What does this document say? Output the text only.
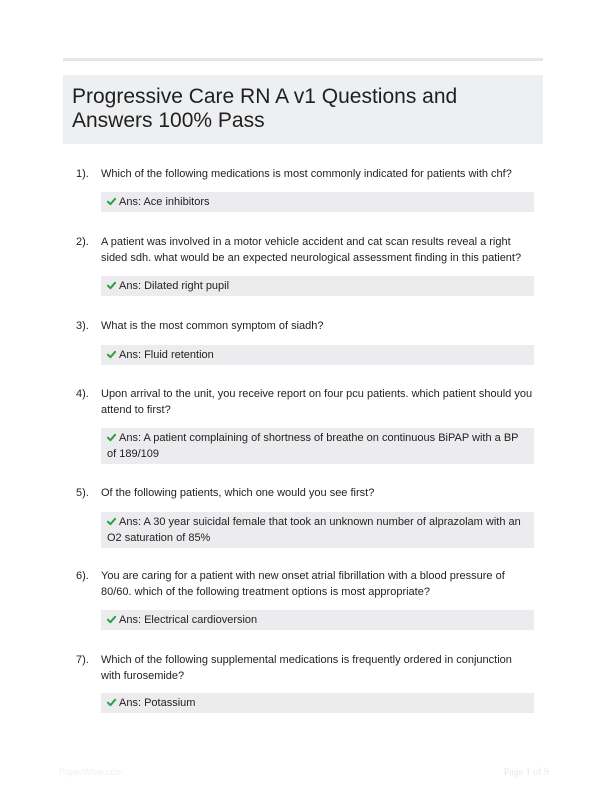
Progressive Care RN A v1 Questions and Answers 100% Pass
1). Which of the following medications is most commonly indicated for patients with chf?
Ans: Ace inhibitors
2). A patient was involved in a motor vehicle accident and cat scan results reveal a right sided sdh. what would be an expected neurological assessment finding in this patient?
Ans: Dilated right pupil
3). What is the most common symptom of siadh?
Ans: Fluid retention
4). Upon arrival to the unit, you receive report on four pcu patients. which patient should you attend to first?
Ans: A patient complaining of shortness of breathe on continuous BiPAP with a BP of 189/109
5). Of the following patients, which one would you see first?
Ans: A 30 year suicidal female that took an unknown number of alprazolam with an O2 saturation of 85%
6). You are caring for a patient with new onset atrial fibrillation with a blood pressure of 80/60. which of the following treatment options is most appropriate?
Ans: Electrical cardioversion
7). Which of the following supplemental medications is frequently ordered in conjunction with furosemide?
Ans: Potassium
PaperWibe.com	Page 1 of 9
